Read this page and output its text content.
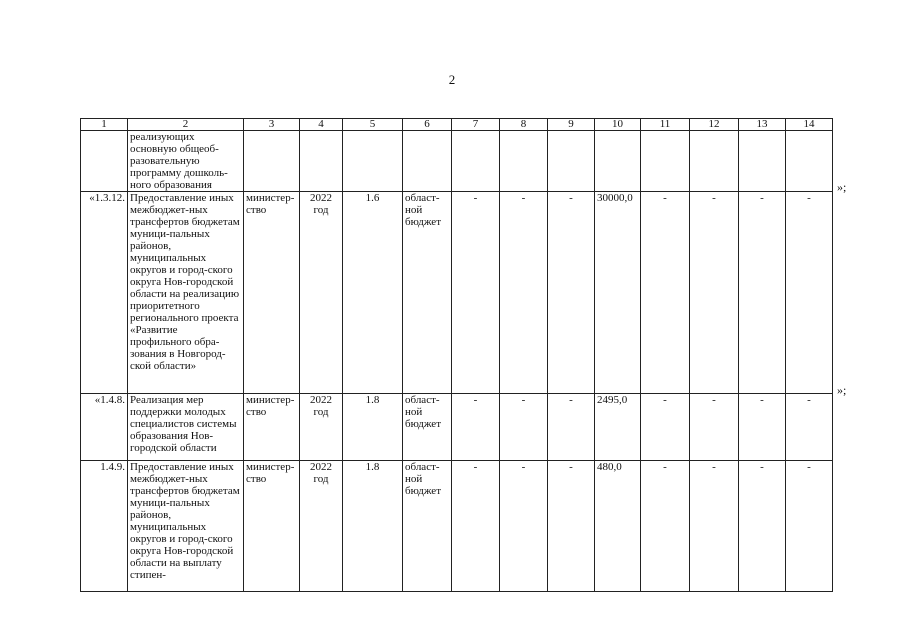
2
1	2	3	4	5	6	7	8	9	10	11	12	13	14
	реализующих основную общеоб-разовательную программу дошколь-ного образования												
«1.3.12.	Предоставление иных межбюджет-ных трансфертов бюджетам муници-пальных районов, муниципальных округов и город-ского округа Нов-городской области на реализацию приоритетного регионального проекта «Развитие профильного обра-зования в Новгород-ской области»	министер-ство	2022 год	1.6	област-ной бюджет	-	-	-	30000,0	-	-	-	-
«1.4.8.	Реализация мер поддержки молодых специалистов системы образования Нов-городской области	министер-ство	2022 год	1.8	област-ной бюджет	-	-	-	2495,0	-	-	-	-
1.4.9.	Предоставление иных межбюджет-ных трансфертов бюджетам муници-пальных районов, муниципальных округов и город-ского округа Нов-городской области на выплату стипен-	министер-ство	2022 год	1.8	област-ной бюджет	-	-	-	480,0	-	-	-	-
»;
»;
